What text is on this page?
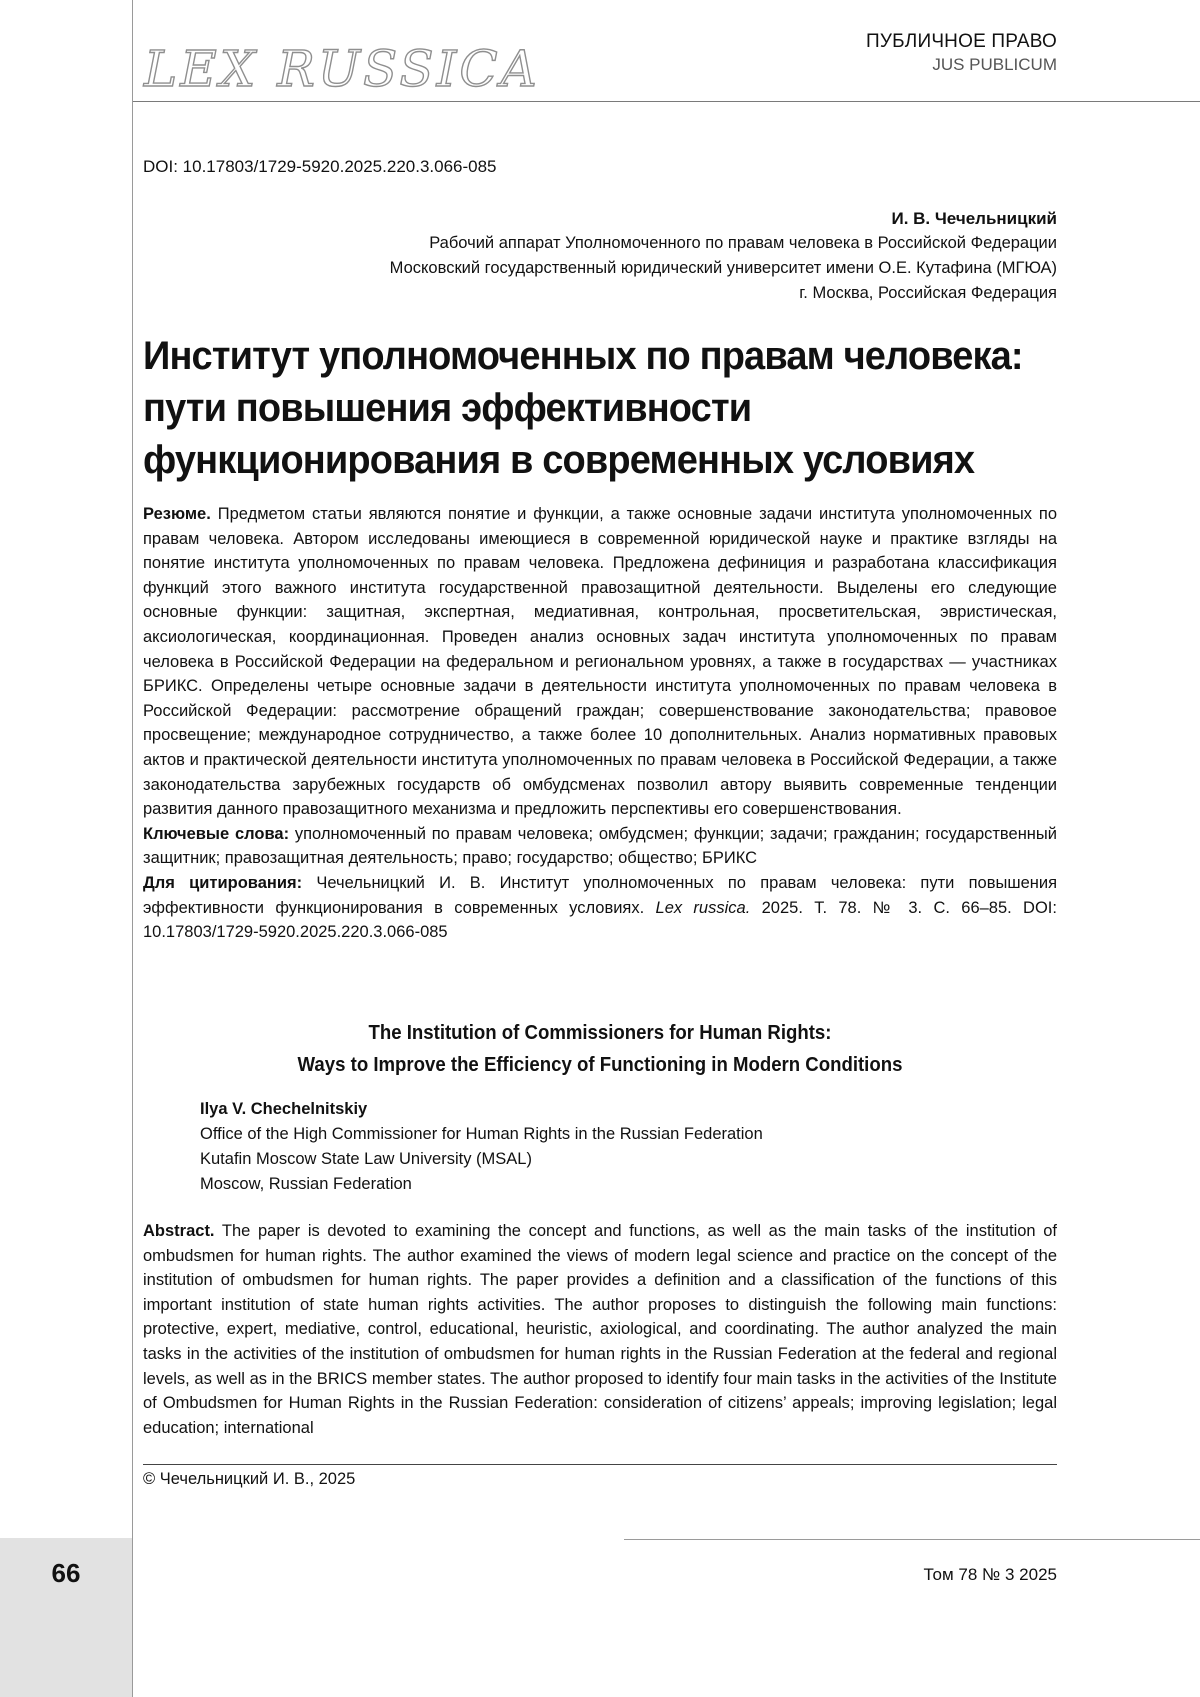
66
LEX RUSSICA	ПУБЛИЧНОЕ ПРАВО
JUS PUBLICUM
DOI: 10.17803/1729-5920.2025.220.3.066-085
И. В. Чечельницкий
Рабочий аппарат Уполномоченного по правам человека в Российской Федерации
Московский государственный юридический университет имени О.Е. Кутафина (МГЮА)
г. Москва, Российская Федерация
Институт уполномоченных по правам человека:
пути повышения эффективности
функционирования в современных условиях

Резюме. Предметом статьи являются понятие и функции, а также основные задачи института уполномоченных по правам человека. Автором исследованы имеющиеся в современной юридической науке и практике взгляды на понятие института уполномоченных по правам человека. Предложена дефиниция и разработана классификация функций этого важного института государственной правозащитной деятельности. Выделены его следующие основные функции: защитная, экспертная, медиативная, контрольная, просветительская, эвристическая, аксиологическая, координационная. Проведен анализ основных задач института уполномоченных по правам человека в Российской Федерации на федеральном и региональном уровнях, а также в государствах — участниках БРИКС. Определены четыре основные задачи в деятельности института уполномоченных по правам человека в Российской Федерации: рассмотрение обращений граждан; совершенствование законодательства; правовое просвещение; международное сотрудничество, а также более 10 дополнительных. Анализ нормативных правовых актов и практической деятельности института уполномоченных по правам человека в Российской Федерации, а также законодательства зарубежных государств об омбудсменах позволил автору выявить современные тенденции развития данного правозащитного механизма и предложить перспективы его совершенствования.

Ключевые слова: уполномоченный по правам человека; омбудсмен; функции; задачи; гражданин; государственный защитник; правозащитная деятельность; право; государство; общество; БРИКС

Для цитирования: Чечельницкий И. В. Институт уполномоченных по правам человека: пути повышения эффективности функционирования в современных условиях. Lex russica. 2025. Т. 78. № 3. С. 66–85. DOI: 10.17803/1729-5920.2025.220.3.066-085

The Institution of Commissioners for Human Rights:
Ways to Improve the Efficiency of Functioning in Modern Conditions
Ilya V. Chechelnitskiy
Office of the High Commissioner for Human Rights in the Russian Federation
Kutafin Moscow State Law University (MSAL)
Moscow, Russian Federation
Abstract. The paper is devoted to examining the concept and functions, as well as the main tasks of the institution of ombudsmen for human rights. The author examined the views of modern legal science and practice on the concept of the institution of ombudsmen for human rights. The paper provides a definition and a classification of the functions of this important institution of state human rights activities. The author proposes to distinguish the following main functions: protective, expert, mediative, control, educational, heuristic, axiological, and coordinating. The author analyzed the main tasks in the activities of the institution of ombudsmen for human rights in the Russian Federation at the federal and regional levels, as well as in the BRICS member states. The author proposed to identify four main tasks in the activities of the Institute of Ombudsmen for Human Rights in the Russian Federation: consideration of citizens’ appeals; improving legislation; legal education; international
© Чечельницкий И. В., 2025
Том 78 № 3 2025
